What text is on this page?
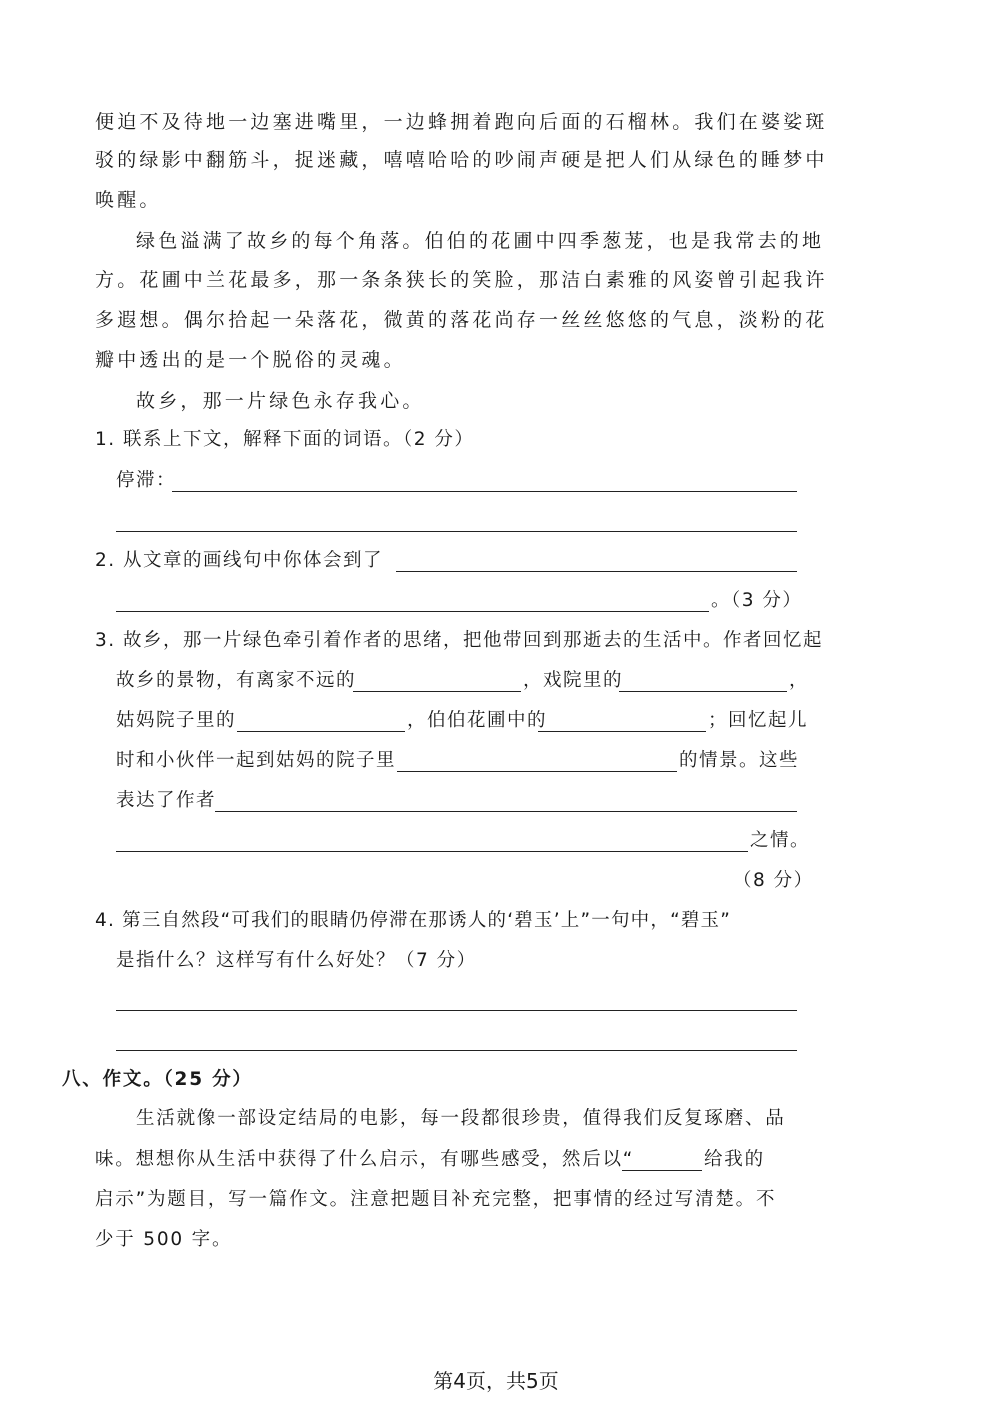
便迫不及待地一边塞进嘴里，一边蜂拥着跑向后面的石榴林。我们在婆娑斑
驳的绿影中翻筋斗，捉迷藏，嘻嘻哈哈的吵闹声硬是把人们从绿色的睡梦中
唤醒。
绿色溢满了故乡的每个角落。伯伯的花圃中四季葱茏，也是我常去的地
方。花圃中兰花最多，那一条条狭长的笑脸，那洁白素雅的风姿曾引起我许
多遐想。偶尔拾起一朵落花，微黄的落花尚存一丝丝悠悠的气息，淡粉的花
瓣中透出的是一个脱俗的灵魂。
故乡，那一片绿色永存我心。
1. 联系上下文，解释下面的词语。（2 分）
停滞：
2. 从文章的画线句中你体会到了
。（3 分）
3. 故乡，那一片绿色牵引着作者的思绪，把他带回到那逝去的生活中。作者回忆起
故乡的景物，有离家不远的	，戏院里的	，
姑妈院子里的	，伯伯花圃中的	；回忆起儿
时和小伙伴一起到姑妈的院子里	的情景。这些
表达了作者
之情。
（8 分）
4. 第三自然段“可我们的眼睛仍停滞在那诱人的‘碧玉’上”一句中，“碧玉”
是指什么？这样写有什么好处？（7 分）
八、作文。（25 分）
生活就像一部设定结局的电影，每一段都很珍贵，值得我们反复琢磨、品
味。想想你从生活中获得了什么启示，有哪些感受，然后以“	给我的
启示”为题目，写一篇作文。注意把题目补充完整，把事情的经过写清楚。不
少于 500 字。
第4页，共5页
